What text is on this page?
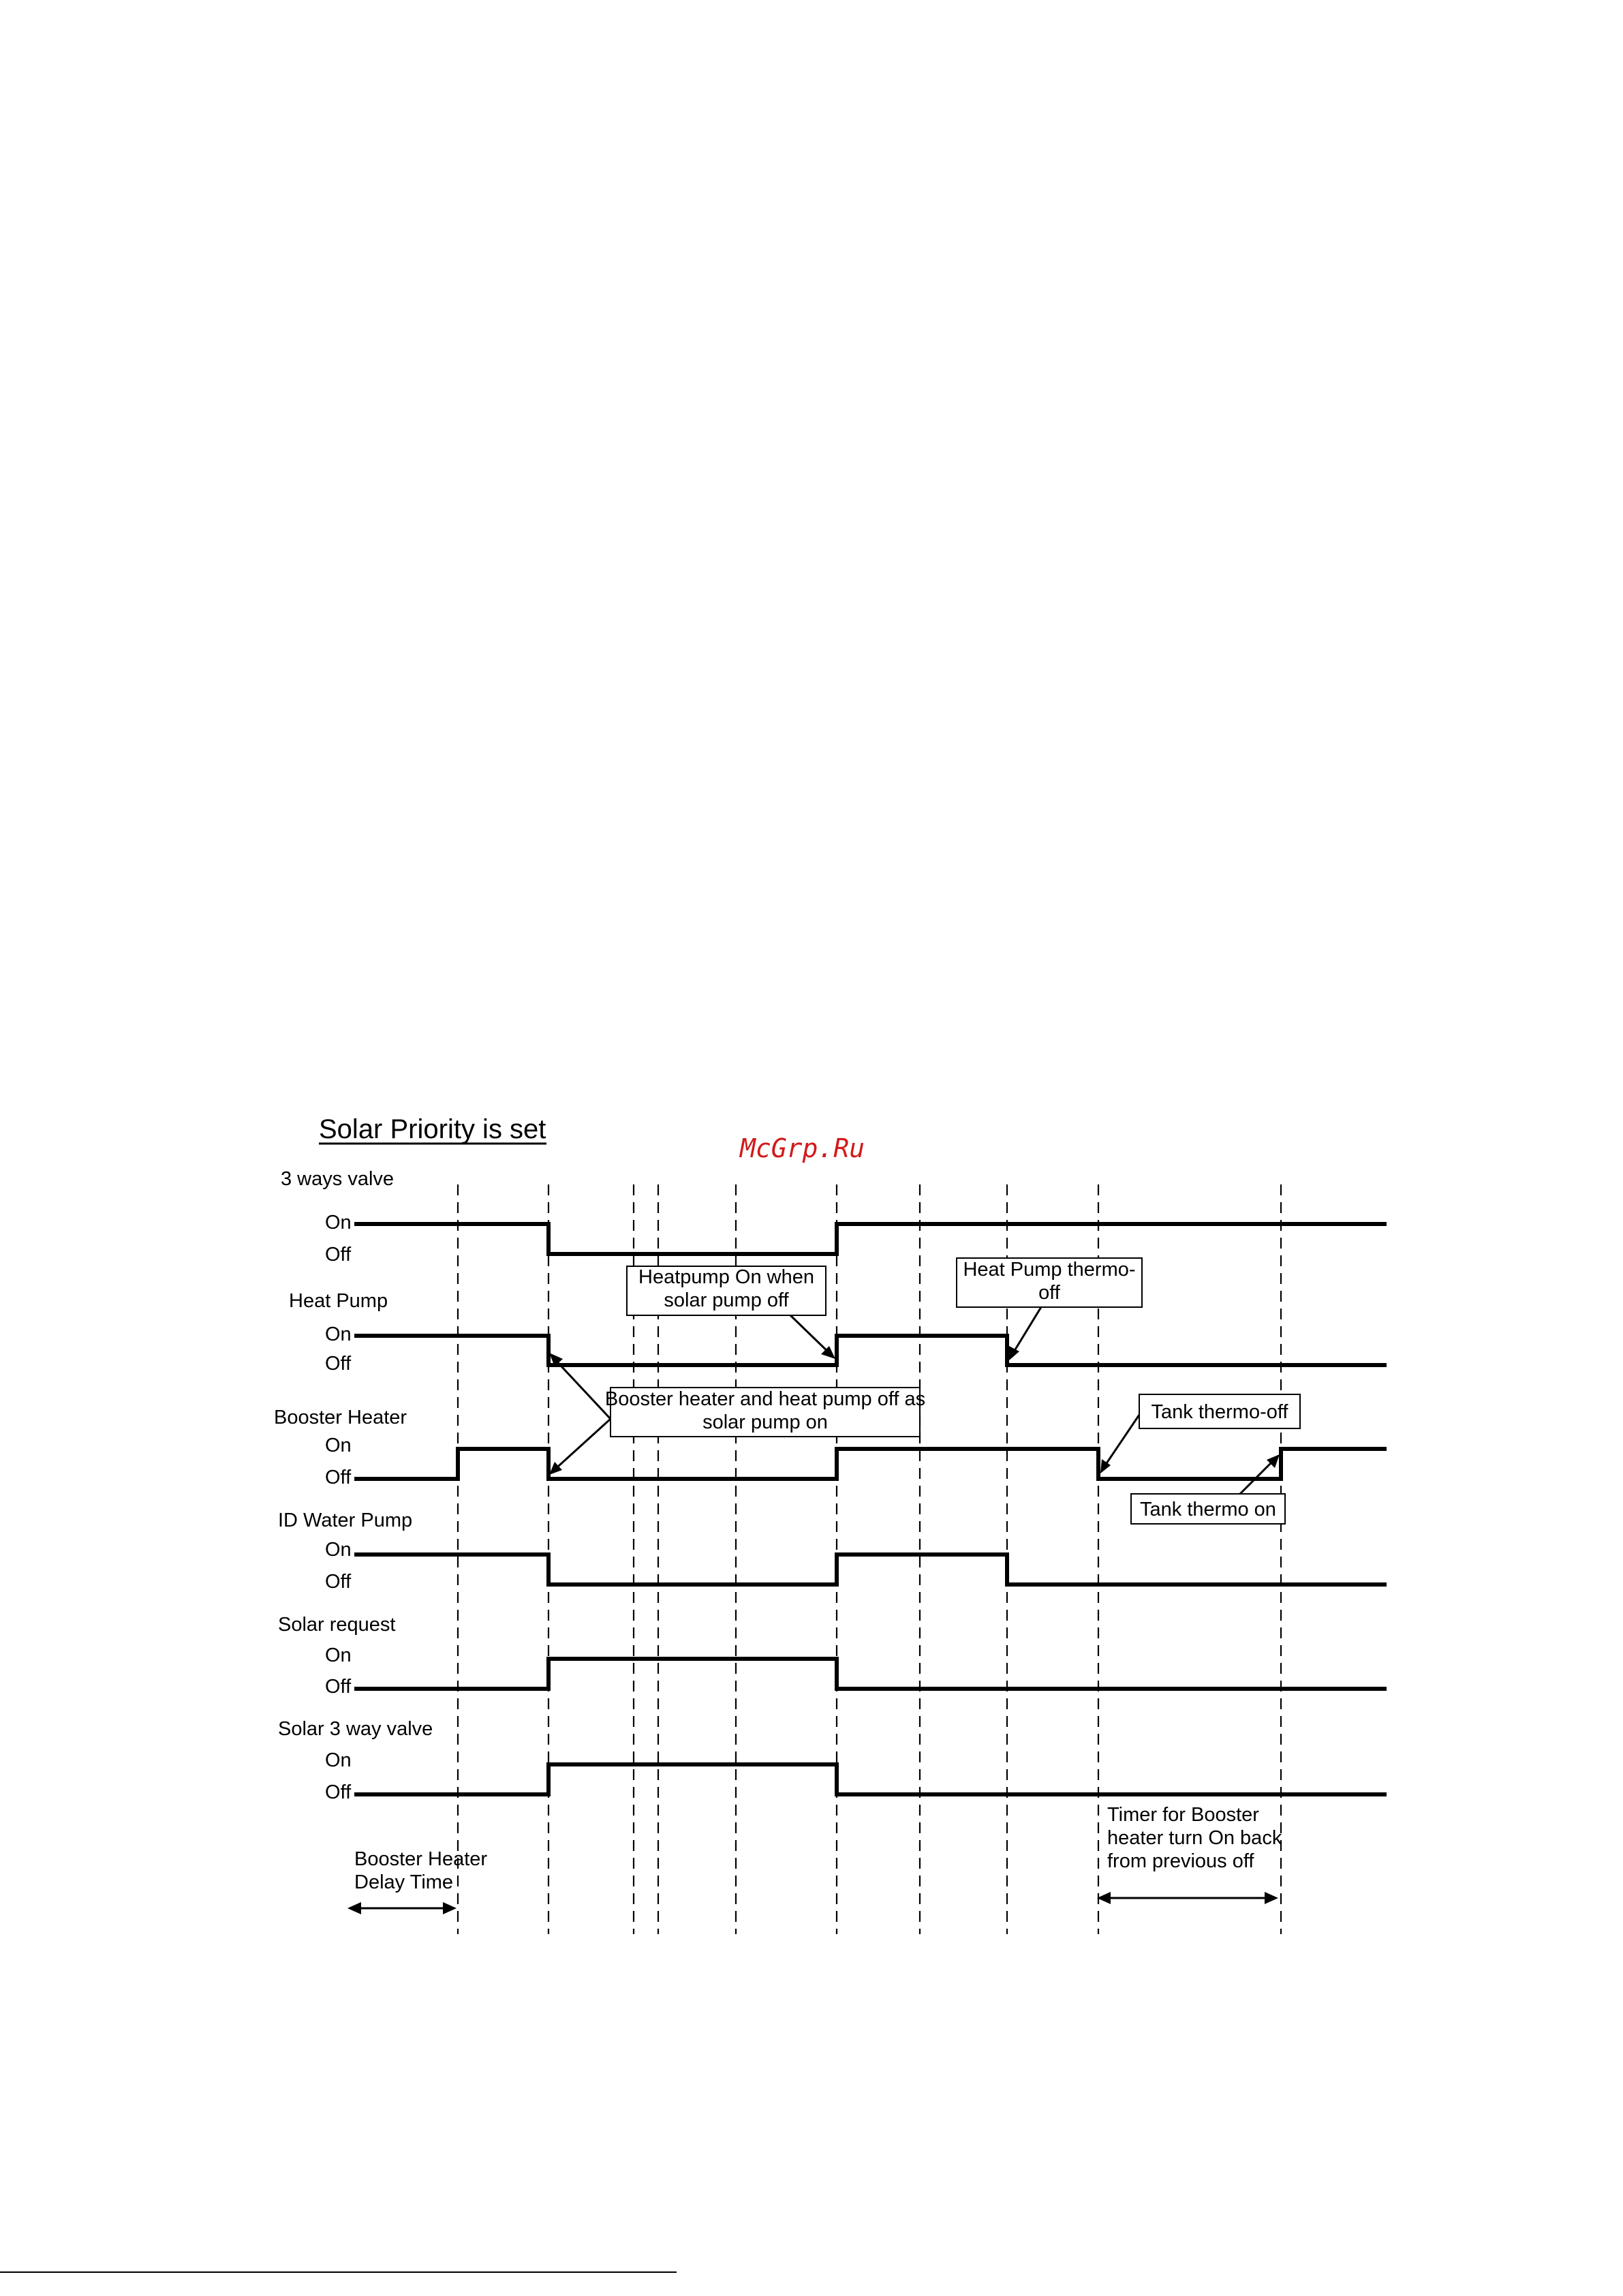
Solar Priority is set
McGrp.Ru
3 ways valve
On
Off
Heat Pump
On
Off
Booster Heater
On
Off
ID Water Pump
On
Off
Solar request
On
Off
Solar 3 way valve
On
Off
Heatpump On when
solar pump off
Heat Pump thermo-
off
Booster heater and heat pump off as
solar pump on	Tank thermo-off
Tank thermo on
Timer for Booster
heater turn On back
from previous off
Booster Heater
Delay Time
